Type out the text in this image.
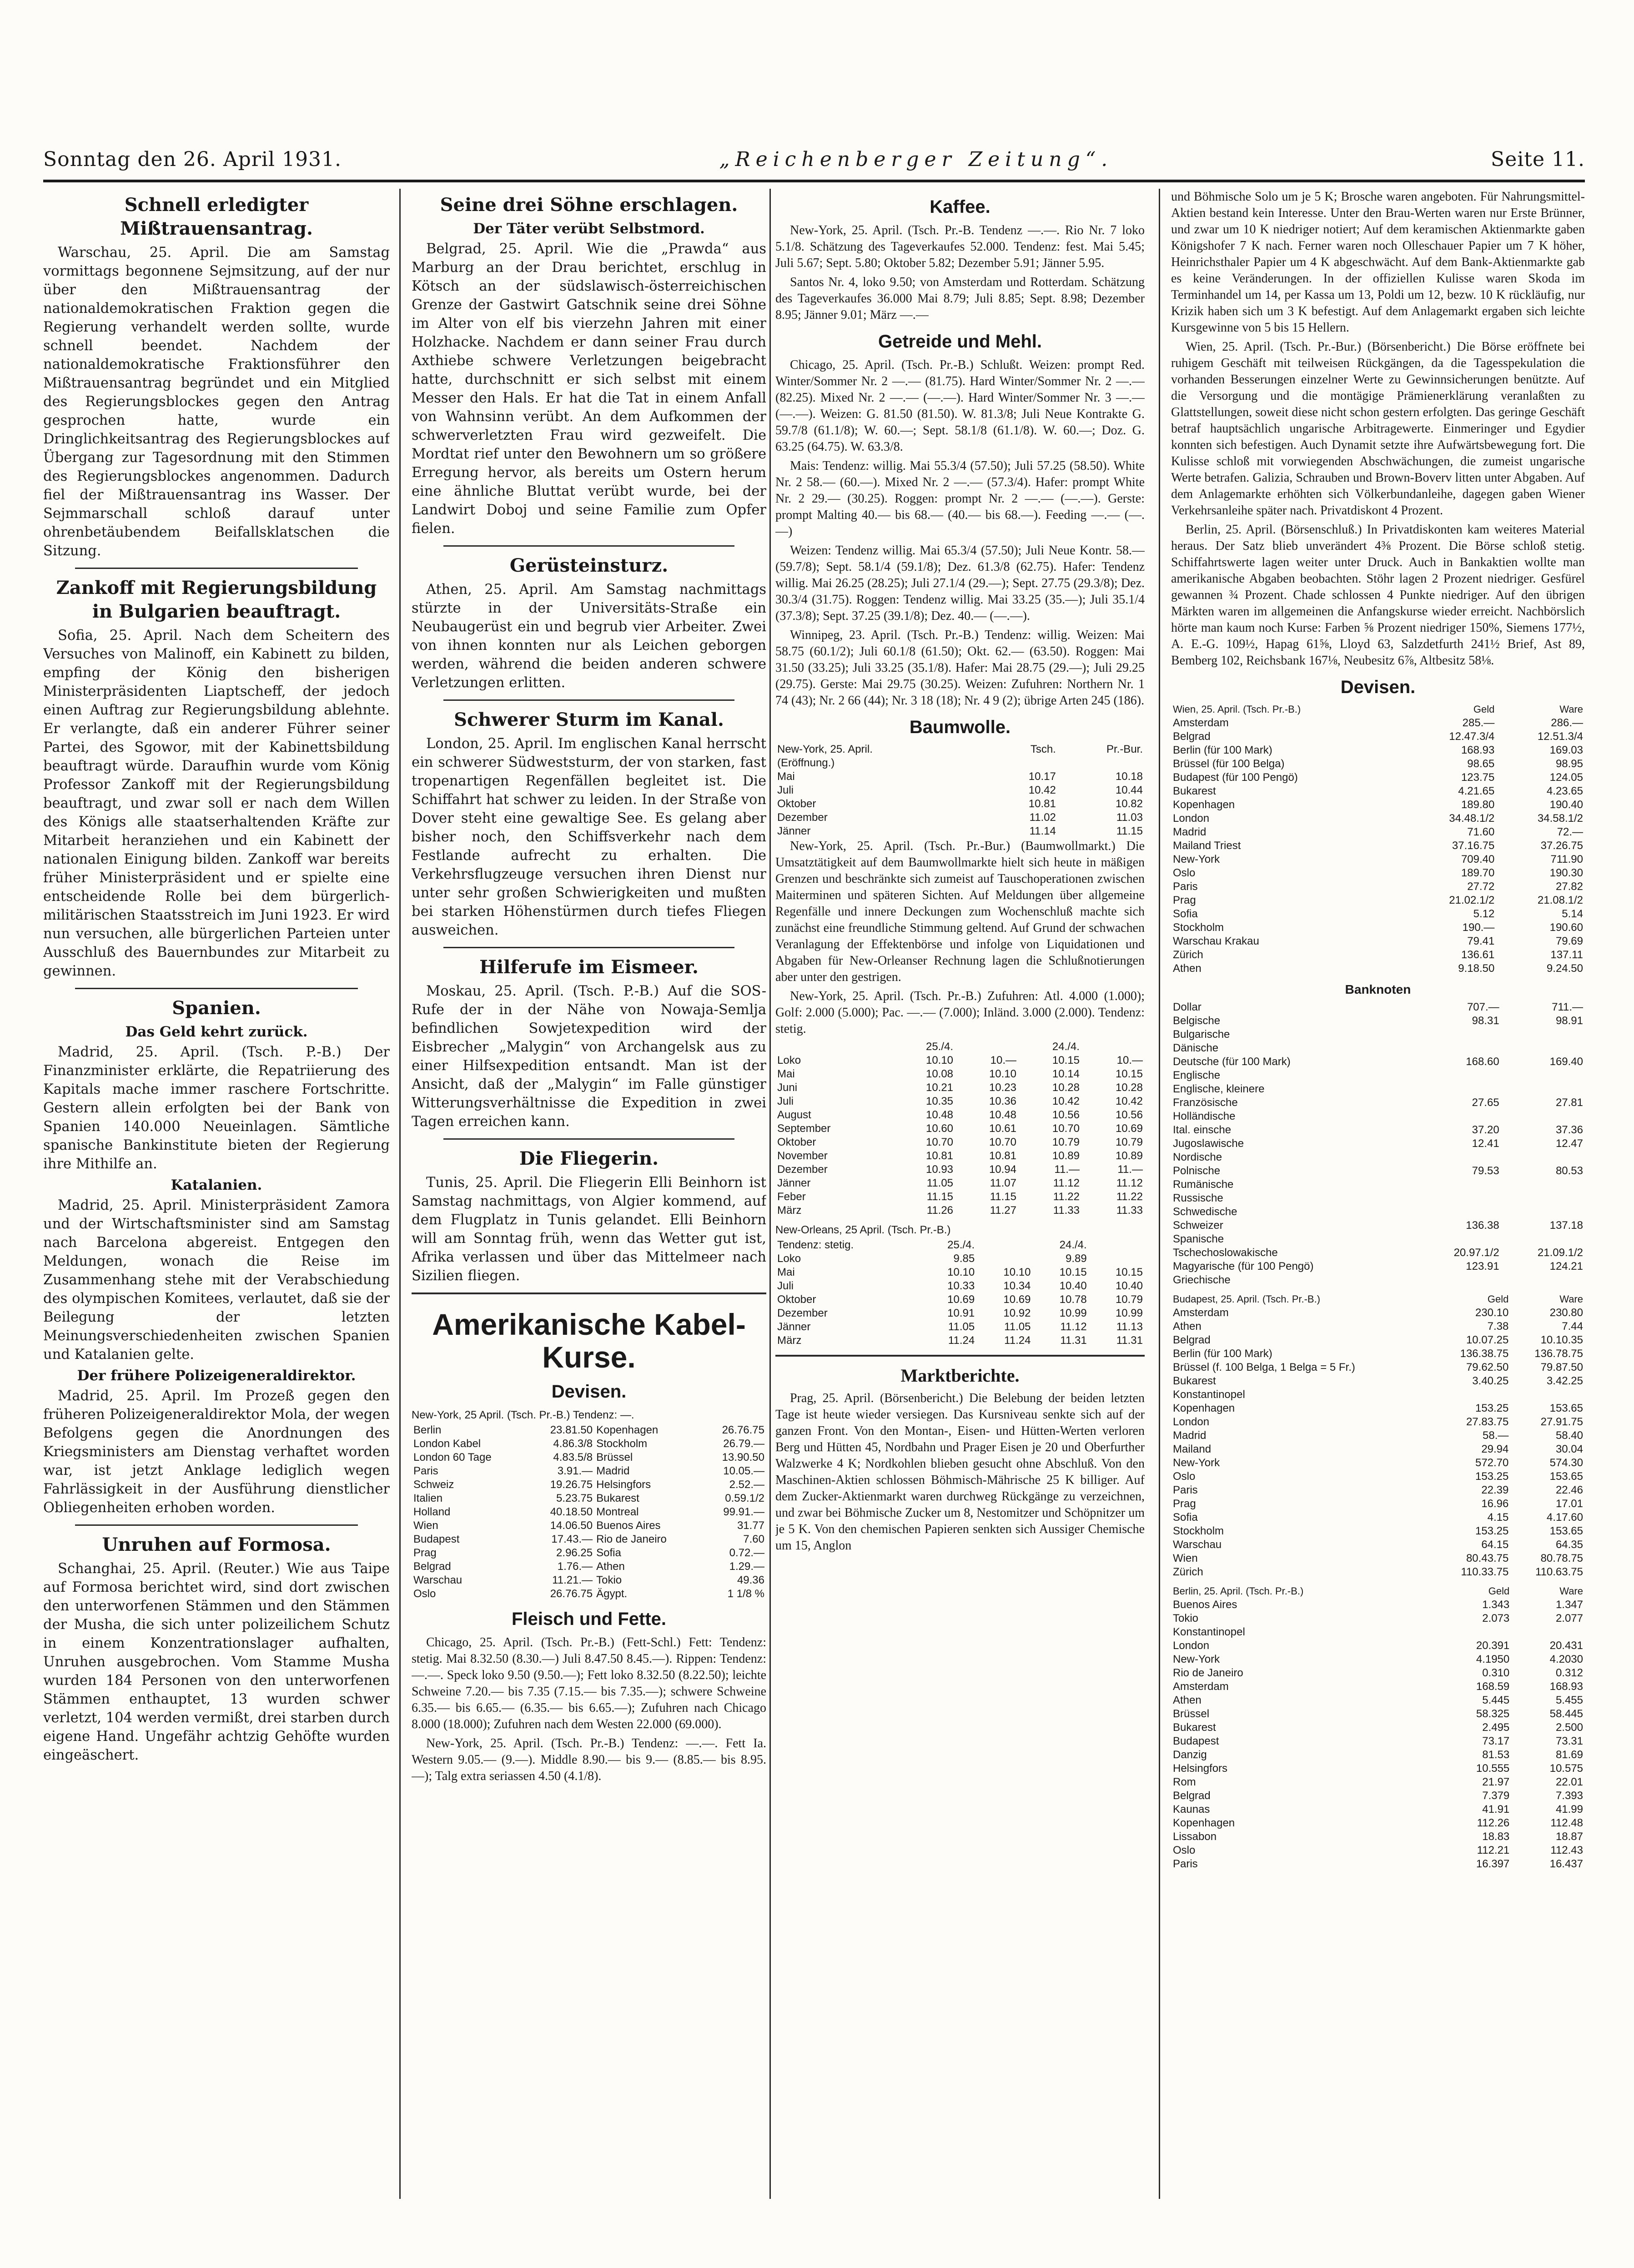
Sonntag den 26. April 1931.	„Reichenberger Zeitung“.	Seite 11.
Schnell erledigter Mißtrauensantrag.

Warschau, 25. April. Die am Samstag vormittags begonnene Sejmsitzung, auf der nur über den Mißtrauensantrag der nationaldemokratischen Fraktion gegen die Regierung verhandelt werden sollte, wurde schnell beendet. Nachdem der nationaldemokratische Fraktionsführer den Mißtrauensantrag begründet und ein Mitglied des Regierungsblockes gegen den Antrag gesprochen hatte, wurde ein Dringlichkeitsantrag des Regierungsblockes auf Übergang zur Tagesordnung mit den Stimmen des Regierungsblockes angenommen. Dadurch fiel der Mißtrauensantrag ins Wasser. Der Sejmmarschall schloß darauf unter ohrenbetäubendem Beifallsklatschen die Sitzung.

Zankoff mit Regierungsbildung in Bulgarien beauftragt.

Sofia, 25. April. Nach dem Scheitern des Versuches von Malinoff, ein Kabinett zu bilden, empfing der König den bisherigen Ministerpräsidenten Liaptscheff, der jedoch einen Auftrag zur Regierungsbildung ablehnte. Er verlangte, daß ein anderer Führer seiner Partei, des Sgowor, mit der Kabinettsbildung beauftragt würde. Daraufhin wurde vom König Professor Zankoff mit der Regierungsbildung beauftragt, und zwar soll er nach dem Willen des Königs alle staatserhaltenden Kräfte zur Mitarbeit heranziehen und ein Kabinett der nationalen Einigung bilden. Zankoff war bereits früher Ministerpräsident und er spielte eine entscheidende Rolle bei dem bürgerlich-militärischen Staatsstreich im Juni 1923. Er wird nun versuchen, alle bürgerlichen Parteien unter Ausschluß des Bauernbundes zur Mitarbeit zu gewinnen.

Spanien.
Das Geld kehrt zurück.

Madrid, 25. April. (Tsch. P.-B.) Der Finanzminister erklärte, die Repatriierung des Kapitals mache immer raschere Fortschritte. Gestern allein erfolgten bei der Bank von Spanien 140.000 Neueinlagen. Sämtliche spanische Bankinstitute bieten der Regierung ihre Mithilfe an.

Katalanien.

Madrid, 25. April. Ministerpräsident Zamora und der Wirtschaftsminister sind am Samstag nach Barcelona abgereist. Entgegen den Meldungen, wonach die Reise im Zusammenhang stehe mit der Verabschiedung des olympischen Komitees, verlautet, daß sie der Beilegung der letzten Meinungsverschiedenheiten zwischen Spanien und Katalanien gelte.

Der frühere Polizeigeneraldirektor.

Madrid, 25. April. Im Prozeß gegen den früheren Polizeigeneraldirektor Mola, der wegen Befolgens gegen die Anordnungen des Kriegsministers am Dienstag verhaftet worden war, ist jetzt Anklage lediglich wegen Fahrlässigkeit in der Ausführung dienstlicher Obliegenheiten erhoben worden.

Unruhen auf Formosa.

Schanghai, 25. April. (Reuter.) Wie aus Taipe auf Formosa berichtet wird, sind dort zwischen den unterworfenen Stämmen und den Stämmen der Musha, die sich unter polizeilichem Schutz in einem Konzentrationslager aufhalten, Unruhen ausgebrochen. Vom Stamme Musha wurden 184 Personen von den unterworfenen Stämmen enthauptet, 13 wurden schwer verletzt, 104 werden vermißt, drei starben durch eigene Hand. Ungefähr achtzig Gehöfte wurden eingeäschert.

Seine drei Söhne erschlagen.
Der Täter verübt Selbstmord.

Belgrad, 25. April. Wie die „Prawda“ aus Marburg an der Drau berichtet, erschlug in Kötsch an der südslawisch-österreichischen Grenze der Gastwirt Gatschnik seine drei Söhne im Alter von elf bis vierzehn Jahren mit einer Holzhacke. Nachdem er dann seiner Frau durch Axthiebe schwere Verletzungen beigebracht hatte, durchschnitt er sich selbst mit einem Messer den Hals. Er hat die Tat in einem Anfall von Wahnsinn verübt. An dem Aufkommen der schwerverletzten Frau wird gezweifelt. Die Mordtat rief unter den Bewohnern um so größere Erregung hervor, als bereits um Ostern herum eine ähnliche Bluttat verübt wurde, bei der Landwirt Doboj und seine Familie zum Opfer fielen.

Gerüsteinsturz.

Athen, 25. April. Am Samstag nachmittags stürzte in der Universitäts-Straße ein Neubaugerüst ein und begrub vier Arbeiter. Zwei von ihnen konnten nur als Leichen geborgen werden, während die beiden anderen schwere Verletzungen erlitten.

Schwerer Sturm im Kanal.

London, 25. April. Im englischen Kanal herrscht ein schwerer Südweststurm, der von starken, fast tropenartigen Regenfällen begleitet ist. Die Schiffahrt hat schwer zu leiden. In der Straße von Dover steht eine gewaltige See. Es gelang aber bisher noch, den Schiffsverkehr nach dem Festlande aufrecht zu erhalten. Die Verkehrsflugzeuge versuchen ihren Dienst nur unter sehr großen Schwierigkeiten und mußten bei starken Höhenstürmen durch tiefes Fliegen ausweichen.

Hilferufe im Eismeer.

Moskau, 25. April. (Tsch. P.-B.) Auf die SOS-Rufe der in der Nähe von Nowaja-Semlja befindlichen Sowjetexpedition wird der Eisbrecher „Malygin“ von Archangelsk aus zu einer Hilfsexpedition entsandt. Man ist der Ansicht, daß der „Malygin“ im Falle günstiger Witterungsverhältnisse die Expedition in zwei Tagen erreichen kann.

Die Fliegerin.

Tunis, 25. April. Die Fliegerin Elli Beinhorn ist Samstag nachmittags, von Algier kommend, auf dem Flugplatz in Tunis gelandet. Elli Beinhorn will am Sonntag früh, wenn das Wetter gut ist, Afrika verlassen und über das Mittelmeer nach Sizilien fliegen.

Amerikanische Kabel-Kurse.
Devisen.
New-York, 25 April. (Tsch. Pr.-B.) Tendenz: —.
Berlin	23.81.50	Kopenhagen	26.76.75
London Kabel	4.86.3/8	Stockholm	26.79.—
London 60 Tage	4.83.5/8	Brüssel	13.90.50
Paris	3.91.—	Madrid	10.05.—
Schweiz	19.26.75	Helsingfors	2.52.—
Italien	5.23.75	Bukarest	0.59.1/2
Holland	40.18.50	Montreal	99.91.—
Wien	14.06.50	Buenos Aires	31.77
Budapest	17.43.—	Rio de Janeiro	7.60
Prag	2.96.25	Sofia	0.72.—
Belgrad	1.76.—	Athen	1.29.—
Warschau	11.21.—	Tokio	49.36
Oslo	26.76.75	Ägypt.	1 1/8 %
Fleisch und Fette.

Chicago, 25. April. (Tsch. Pr.-B.) (Fett-Schl.) Fett: Tendenz: stetig. Mai 8.32.50 (8.30.—) Juli 8.47.50 8.45.—). Rippen: Tendenz: —.—. Speck loko 9.50 (9.50.—); Fett loko 8.32.50 (8.22.50); leichte Schweine 7.20.— bis 7.35 (7.15.— bis 7.35.—); schwere Schweine 6.35.— bis 6.65.— (6.35.— bis 6.65.—); Zufuhren nach Chicago 8.000 (18.000); Zufuhren nach dem Westen 22.000 (69.000).

New-York, 25. April. (Tsch. Pr.-B.) Tendenz: —.—. Fett Ia. Western 9.05.— (9.—). Middle 8.90.— bis 9.— (8.85.— bis 8.95.—); Talg extra seriassen 4.50 (4.1/8).

Kaffee.

New-York, 25. April. (Tsch. Pr.-B. Tendenz —.—. Rio Nr. 7 loko 5.1/8. Schätzung des Tageverkaufes 52.000. Tendenz: fest. Mai 5.45; Juli 5.67; Sept. 5.80; Oktober 5.82; Dezember 5.91; Jänner 5.95.

Santos Nr. 4, loko 9.50; von Amsterdam und Rotterdam. Schätzung des Tageverkaufes 36.000 Mai 8.79; Juli 8.85; Sept. 8.98; Dezember 8.95; Jänner 9.01; März —.—

Getreide und Mehl.

Chicago, 25. April. (Tsch. Pr.-B.) Schlußt. Weizen: prompt Red. Winter/Sommer Nr. 2 —.— (81.75). Hard Winter/Sommer Nr. 2 —.— (82.25). Mixed Nr. 2 —.— (—.—). Hard Winter/Sommer Nr. 3 —.— (—.—). Weizen: G. 81.50 (81.50). W. 81.3/8; Juli Neue Kontrakte G. 59.7/8 (61.1/8); W. 60.—; Sept. 58.1/8 (61.1/8). W. 60.—; Doz. G. 63.25 (64.75). W. 63.3/8.

Mais: Tendenz: willig. Mai 55.3/4 (57.50); Juli 57.25 (58.50). White Nr. 2 58.— (60.—). Mixed Nr. 2 —.— (57.3/4). Hafer: prompt White Nr. 2 29.— (30.25). Roggen: prompt Nr. 2 —.— (—.—). Gerste: prompt Malting 40.— bis 68.— (40.— bis 68.—). Feeding —.— (—.—)

Weizen: Tendenz willig. Mai 65.3/4 (57.50); Juli Neue Kontr. 58.— (59.7/8); Sept. 58.1/4 (59.1/8); Dez. 61.3/8 (62.75). Hafer: Tendenz willig. Mai 26.25 (28.25); Juli 27.1/4 (29.—); Sept. 27.75 (29.3/8); Dez. 30.3/4 (31.75). Roggen: Tendenz willig. Mai 33.25 (35.—); Juli 35.1/4 (37.3/8); Sept. 37.25 (39.1/8); Dez. 40.— (—.—).

Winnipeg, 23. April. (Tsch. Pr.-B.) Tendenz: willig. Weizen: Mai 58.75 (60.1/2); Juli 60.1/8 (61.50); Okt. 62.— (63.50). Roggen: Mai 31.50 (33.25); Juli 33.25 (35.1/8). Hafer: Mai 28.75 (29.—); Juli 29.25 (29.75). Gerste: Mai 29.75 (30.25). Weizen: Zufuhren: Northern Nr. 1 74 (43); Nr. 2 66 (44); Nr. 3 18 (18); Nr. 4 9 (2); übrige Arten 245 (186).

Baumwolle.
New-York, 25. April.	Tsch.	Pr.-Bur.
(Eröffnung.)		
Mai	10.17	10.18
Juli	10.42	10.44
Oktober	10.81	10.82
Dezember	11.02	11.03
Jänner	11.14	11.15

New-York, 25. April. (Tsch. Pr.-Bur.) (Baumwollmarkt.) Die Umsatztätigkeit auf dem Baumwollmarkte hielt sich heute in mäßigen Grenzen und beschränkte sich zumeist auf Tauschoperationen zwischen Maiterminen und späteren Sichten. Auf Meldungen über allgemeine Regenfälle und innere Deckungen zum Wochenschluß machte sich zunächst eine freundliche Stimmung geltend. Auf Grund der schwachen Veranlagung der Effektenbörse und infolge von Liquidationen und Abgaben für New-Orleanser Rechnung lagen die Schlußnotierungen aber unter den gestrigen.

New-York, 25. April. (Tsch. Pr.-B.) Zufuhren: Atl. 4.000 (1.000); Golf: 2.000 (5.000); Pac. —.— (7.000); Inländ. 3.000 (2.000). Tendenz: stetig.

	25./4.		24./4.	
Loko	10.10	10.—	10.15	10.—
Mai	10.08	10.10	10.14	10.15
Juni	10.21	10.23	10.28	10.28
Juli	10.35	10.36	10.42	10.42
August	10.48	10.48	10.56	10.56
September	10.60	10.61	10.70	10.69
Oktober	10.70	10.70	10.79	10.79
November	10.81	10.81	10.89	10.89
Dezember	10.93	10.94	11.—	11.—
Jänner	11.05	11.07	11.12	11.12
Feber	11.15	11.15	11.22	11.22
März	11.26	11.27	11.33	11.33
New-Orleans, 25 April. (Tsch. Pr.-B.)
Tendenz: stetig.	25./4.		24./4.	
Loko	9.85		9.89	
Mai	10.10	10.10	10.15	10.15
Juli	10.33	10.34	10.40	10.40
Oktober	10.69	10.69	10.78	10.79
Dezember	10.91	10.92	10.99	10.99
Jänner	11.05	11.05	11.12	11.13
März	11.24	11.24	11.31	11.31
Marktberichte.

Prag, 25. April. (Börsenbericht.) Die Belebung der beiden letzten Tage ist heute wieder versiegen. Das Kursniveau senkte sich auf der ganzen Front. Von den Montan-, Eisen- und Hütten-Werten verloren Berg und Hütten 45, Nordbahn und Prager Eisen je 20 und Oberfurther Walzwerke 4 K; Nordkohlen blieben gesucht ohne Abschluß. Von den Maschinen-Aktien schlossen Böhmisch-Mährische 25 K billiger. Auf dem Zucker-Aktienmarkt waren durchweg Rückgänge zu verzeichnen, und zwar bei Böhmische Zucker um 8, Nestomitzer und Schöpnitzer um je 5 K. Von den chemischen Papieren senkten sich Aussiger Chemische um 15, Anglon

und Böhmische Solo um je 5 K; Brosche waren angeboten. Für Nahrungsmittel-Aktien bestand kein Interesse. Unter den Brau-Werten waren nur Erste Brünner, und zwar um 10 K niedriger notiert; Auf dem keramischen Aktienmarkte gaben Königshofer 7 K nach. Ferner waren noch Olleschauer Papier um 7 K höher, Heinrichsthaler Papier um 4 K abgeschwächt. Auf dem Bank-Aktienmarkte gab es keine Veränderungen. In der offiziellen Kulisse waren Skoda im Terminhandel um 14, per Kassa um 13, Poldi um 12, bezw. 10 K rückläufig, nur Krizik haben sich um 3 K befestigt. Auf dem Anlagemarkt ergaben sich leichte Kursgewinne von 5 bis 15 Hellern.

Wien, 25. April. (Tsch. Pr.-Bur.) (Börsenbericht.) Die Börse eröffnete bei ruhigem Geschäft mit teilweisen Rückgängen, da die Tagesspekulation die vorhanden Besserungen einzelner Werte zu Gewinnsicherungen benützte. Auf die Versorgung und die montägige Prämienerklärung veranlaßten zu Glattstellungen, soweit diese nicht schon gestern erfolgten. Das geringe Geschäft betraf hauptsächlich ungarische Arbitragewerte. Einmeringer und Egydier konnten sich befestigen. Auch Dynamit setzte ihre Aufwärtsbewegung fort. Die Kulisse schloß mit vorwiegenden Abschwächungen, die zumeist ungarische Werte betrafen. Galizia, Schrauben und Brown-Boverv litten unter Abgaben. Auf dem Anlagemarkte erhöhten sich Völkerbundanleihe, dagegen gaben Wiener Verkehrsanleihe später nach. Privatdiskont 4 Prozent.

Berlin, 25. April. (Börsenschluß.) In Privatdiskonten kam weiteres Material heraus. Der Satz blieb unverändert 4⅜ Prozent. Die Börse schloß stetig. Schiffahrtswerte lagen weiter unter Druck. Auch in Bankaktien wollte man amerikanische Abgaben beobachten. Stöhr lagen 2 Prozent niedriger. Gesfürel gewannen ¾ Prozent. Chade schlossen 4 Punkte niedriger. Auf den übrigen Märkten waren im allgemeinen die Anfangskurse wieder erreicht. Nachbörslich hörte man kaum noch Kurse: Farben ⅝ Prozent niedriger 150%, Siemens 177½, A. E.-G. 109½, Hapag 61⅝, Lloyd 63, Salzdetfurth 241½ Brief, Ast 89, Bemberg 102, Reichsbank 167⅛, Neubesitz 6⅞, Altbesitz 58⅛.

Devisen.
Wien, 25. April. (Tsch. Pr.-B.)	Geld	Ware
Amsterdam	285.—	286.—
Belgrad	12.47.3/4	12.51.3/4
Berlin (für 100 Mark)	168.93	169.03
Brüssel (für 100 Belga)	98.65	98.95
Budapest (für 100 Pengö)	123.75	124.05
Bukarest	4.21.65	4.23.65
Kopenhagen	189.80	190.40
London	34.48.1/2	34.58.1/2
Madrid	71.60	72.—
Mailand Triest	37.16.75	37.26.75
New-York	709.40	711.90
Oslo	189.70	190.30
Paris	27.72	27.82
Prag	21.02.1/2	21.08.1/2
Sofia	5.12	5.14
Stockholm	190.—	190.60
Warschau Krakau	79.41	79.69
Zürich	136.61	137.11
Athen	9.18.50	9.24.50
Banknoten
Dollar	707.—	711.—
Belgische	98.31	98.91
Bulgarische		
Dänische		
Deutsche (für 100 Mark)	168.60	169.40
Englische		
Englische, kleinere		
Französische	27.65	27.81
Holländische		
Ital. einsche	37.20	37.36
Jugoslawische	12.41	12.47
Nordische		
Polnische	79.53	80.53
Rumänische		
Russische		
Schwedische		
Schweizer	136.38	137.18
Spanische		
Tschechoslowakische	20.97.1/2	21.09.1/2
Magyarische (für 100 Pengö)	123.91	124.21
Griechische		
Budapest, 25. April. (Tsch. Pr.-B.)	Geld	Ware
Amsterdam	230.10	230.80
Athen	7.38	7.44
Belgrad	10.07.25	10.10.35
Berlin (für 100 Mark)	136.38.75	136.78.75
Brüssel (f. 100 Belga, 1 Belga = 5 Fr.)	79.62.50	79.87.50
Bukarest	3.40.25	3.42.25
Konstantinopel		
Kopenhagen	153.25	153.65
London	27.83.75	27.91.75
Madrid	58.—	58.40
Mailand	29.94	30.04
New-York	572.70	574.30
Oslo	153.25	153.65
Paris	22.39	22.46
Prag	16.96	17.01
Sofia	4.15	4.17.60
Stockholm	153.25	153.65
Warschau	64.15	64.35
Wien	80.43.75	80.78.75
Zürich	110.33.75	110.63.75
Berlin, 25. April. (Tsch. Pr.-B.)	Geld	Ware
Buenos Aires	1.343	1.347
Tokio	2.073	2.077
Konstantinopel		
London	20.391	20.431
New-York	4.1950	4.2030
Rio de Janeiro	0.310	0.312
Amsterdam	168.59	168.93
Athen	5.445	5.455
Brüssel	58.325	58.445
Bukarest	2.495	2.500
Budapest	73.17	73.31
Danzig	81.53	81.69
Helsingfors	10.555	10.575
Rom	21.97	22.01
Belgrad	7.379	7.393
Kaunas	41.91	41.99
Kopenhagen	112.26	112.48
Lissabon	18.83	18.87
Oslo	112.21	112.43
Paris	16.397	16.437
